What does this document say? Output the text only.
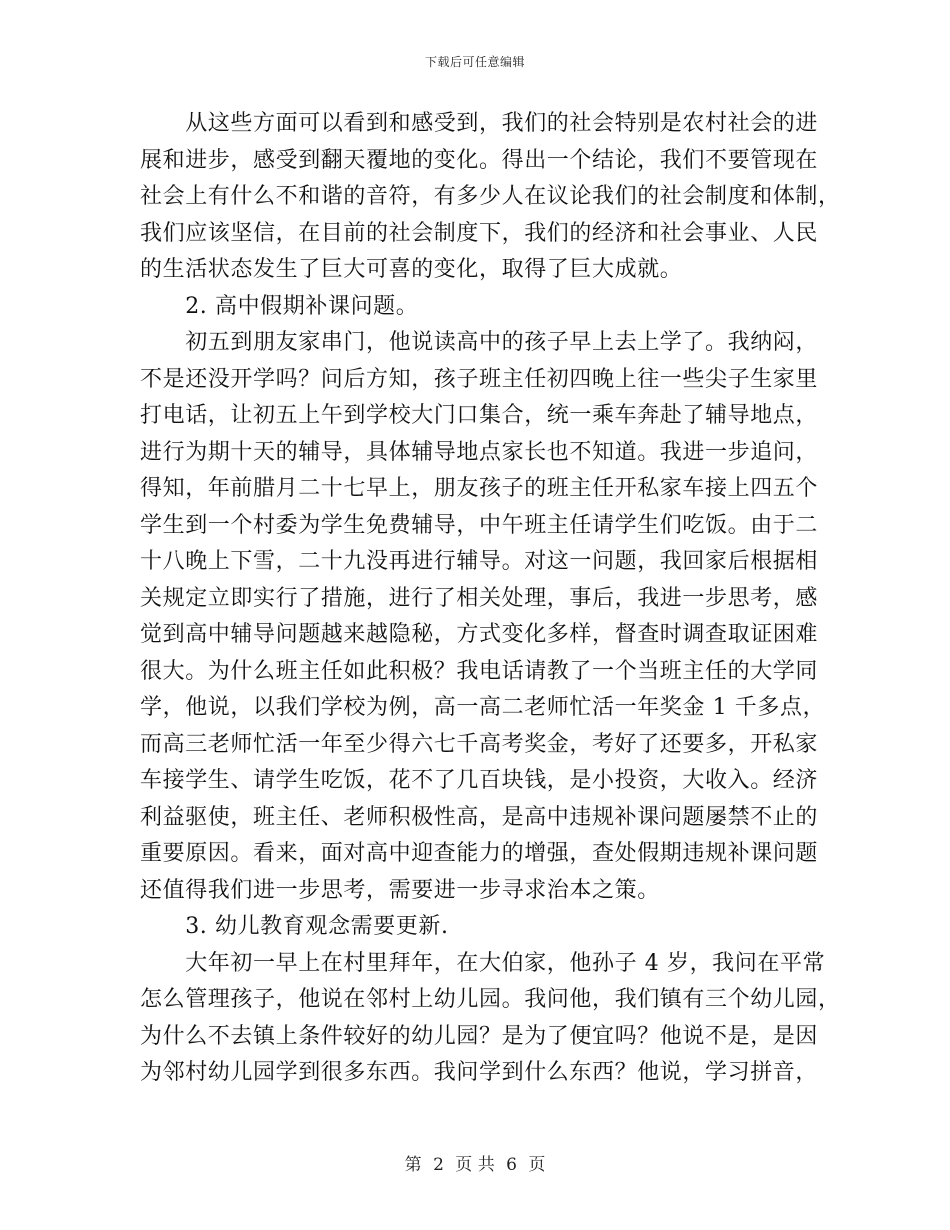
下载后可任意编辑
　　从这些方面可以看到和感受到，我们的社会特别是农村社会的进
展和进步，感受到翻天覆地的变化。得出一个结论，我们不要管现在
社会上有什么不和谐的音符，有多少人在议论我们的社会制度和体制，
我们应该坚信，在目前的社会制度下，我们的经济和社会事业、人民
的生活状态发生了巨大可喜的变化，取得了巨大成就。
　　2. 高中假期补课问题。
　　初五到朋友家串门，他说读高中的孩子早上去上学了。我纳闷，
不是还没开学吗？问后方知，孩子班主任初四晚上往一些尖子生家里
打电话，让初五上午到学校大门口集合，统一乘车奔赴了辅导地点，
进行为期十天的辅导，具体辅导地点家长也不知道。我进一步追问，
得知，年前腊月二十七早上，朋友孩子的班主任开私家车接上四五个
学生到一个村委为学生免费辅导，中午班主任请学生们吃饭。由于二
十八晚上下雪，二十九没再进行辅导。对这一问题，我回家后根据相
关规定立即实行了措施，进行了相关处理，事后，我进一步思考，感
觉到高中辅导问题越来越隐秘，方式变化多样，督查时调查取证困难
很大。为什么班主任如此积极？我电话请教了一个当班主任的大学同
学，他说，以我们学校为例，高一高二老师忙活一年奖金 1 千多点，
而高三老师忙活一年至少得六七千高考奖金，考好了还要多，开私家
车接学生、请学生吃饭，花不了几百块钱，是小投资，大收入。经济
利益驱使，班主任、老师积极性高，是高中违规补课问题屡禁不止的
重要原因。看来，面对高中迎查能力的增强，查处假期违规补课问题
还值得我们进一步思考，需要进一步寻求治本之策。
　　3. 幼儿教育观念需要更新.
　　大年初一早上在村里拜年，在大伯家，他孙子 4 岁，我问在平常
怎么管理孩子，他说在邻村上幼儿园。我问他，我们镇有三个幼儿园，
为什么不去镇上条件较好的幼儿园？是为了便宜吗？他说不是，是因
为邻村幼儿园学到很多东西。我问学到什么东西？他说，学习拼音，
第 2 页 共 6 页
